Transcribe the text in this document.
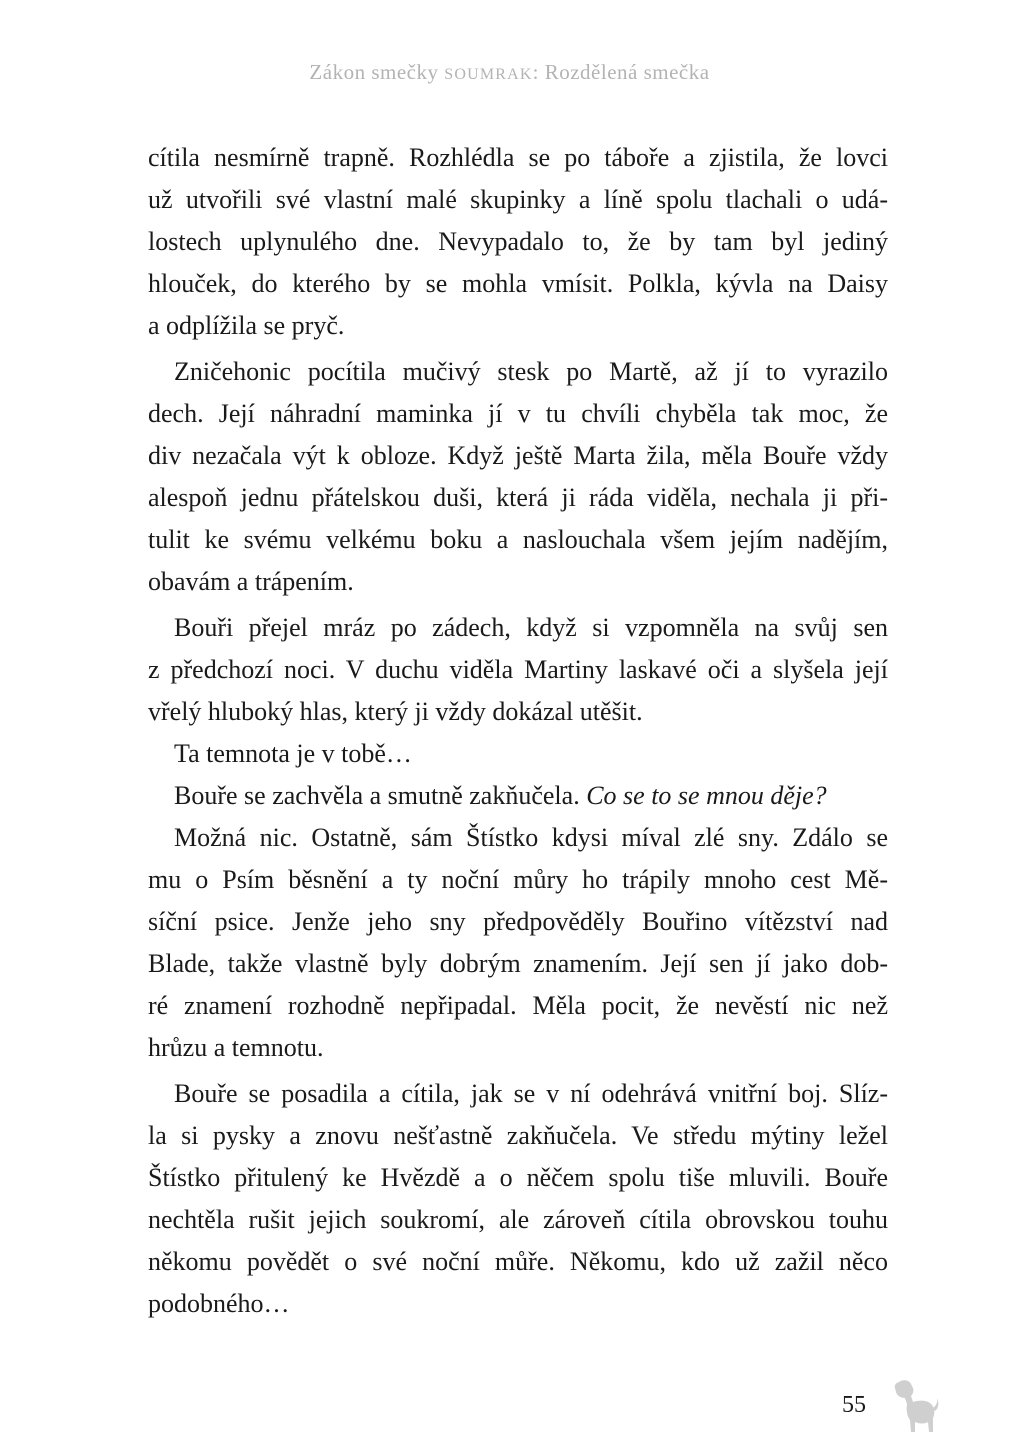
Zákon smečky SOUMRAK: Rozdělená smečka
cítila nesmírně trapně. Rozhlédla se po táboře a zjistila, že lovci
už utvořili své vlastní malé skupinky a líně spolu tlachali o udá-
lostech uplynulého dne. Nevypadalo to, že by tam byl jediný
hlouček, do kterého by se mohla vmísit. Polkla, kývla na Daisy
a odplížila se pryč.
Zničehonic pocítila mučivý stesk po Martě, až jí to vyrazilo
dech. Její náhradní maminka jí v tu chvíli chyběla tak moc, že
div nezačala výt k obloze. Když ještě Marta žila, měla Bouře vždy
alespoň jednu přátelskou duši, která ji ráda viděla, nechala ji při-
tulit ke svému velkému boku a naslouchala všem jejím nadějím,
obavám a trápením.
Bouři přejel mráz po zádech, když si vzpomněla na svůj sen
z předchozí noci. V duchu viděla Martiny laskavé oči a slyšela její
vřelý hluboký hlas, který ji vždy dokázal utěšit.
Ta temnota je v tobě…
Bouře se zachvěla a smutně zakňučela. Co se to se mnou děje?
Možná nic. Ostatně, sám Štístko kdysi míval zlé sny. Zdálo se
mu o Psím běsnění a ty noční můry ho trápily mnoho cest Mě-
síční psice. Jenže jeho sny předpověděly Bouřino vítězství nad
Blade, takže vlastně byly dobrým znamením. Její sen jí jako dob-
ré znamení rozhodně nepřipadal. Měla pocit, že nevěstí nic než
hrůzu a temnotu.
Bouře se posadila a cítila, jak se v ní odehrává vnitřní boj. Slíz-
la si pysky a znovu nešťastně zakňučela. Ve středu mýtiny ležel
Štístko přitulený ke Hvězdě a o něčem spolu tiše mluvili. Bouře
nechtěla rušit jejich soukromí, ale zároveň cítila obrovskou touhu
někomu povědět o své noční můře. Někomu, kdo už zažil něco
podobného…
55
